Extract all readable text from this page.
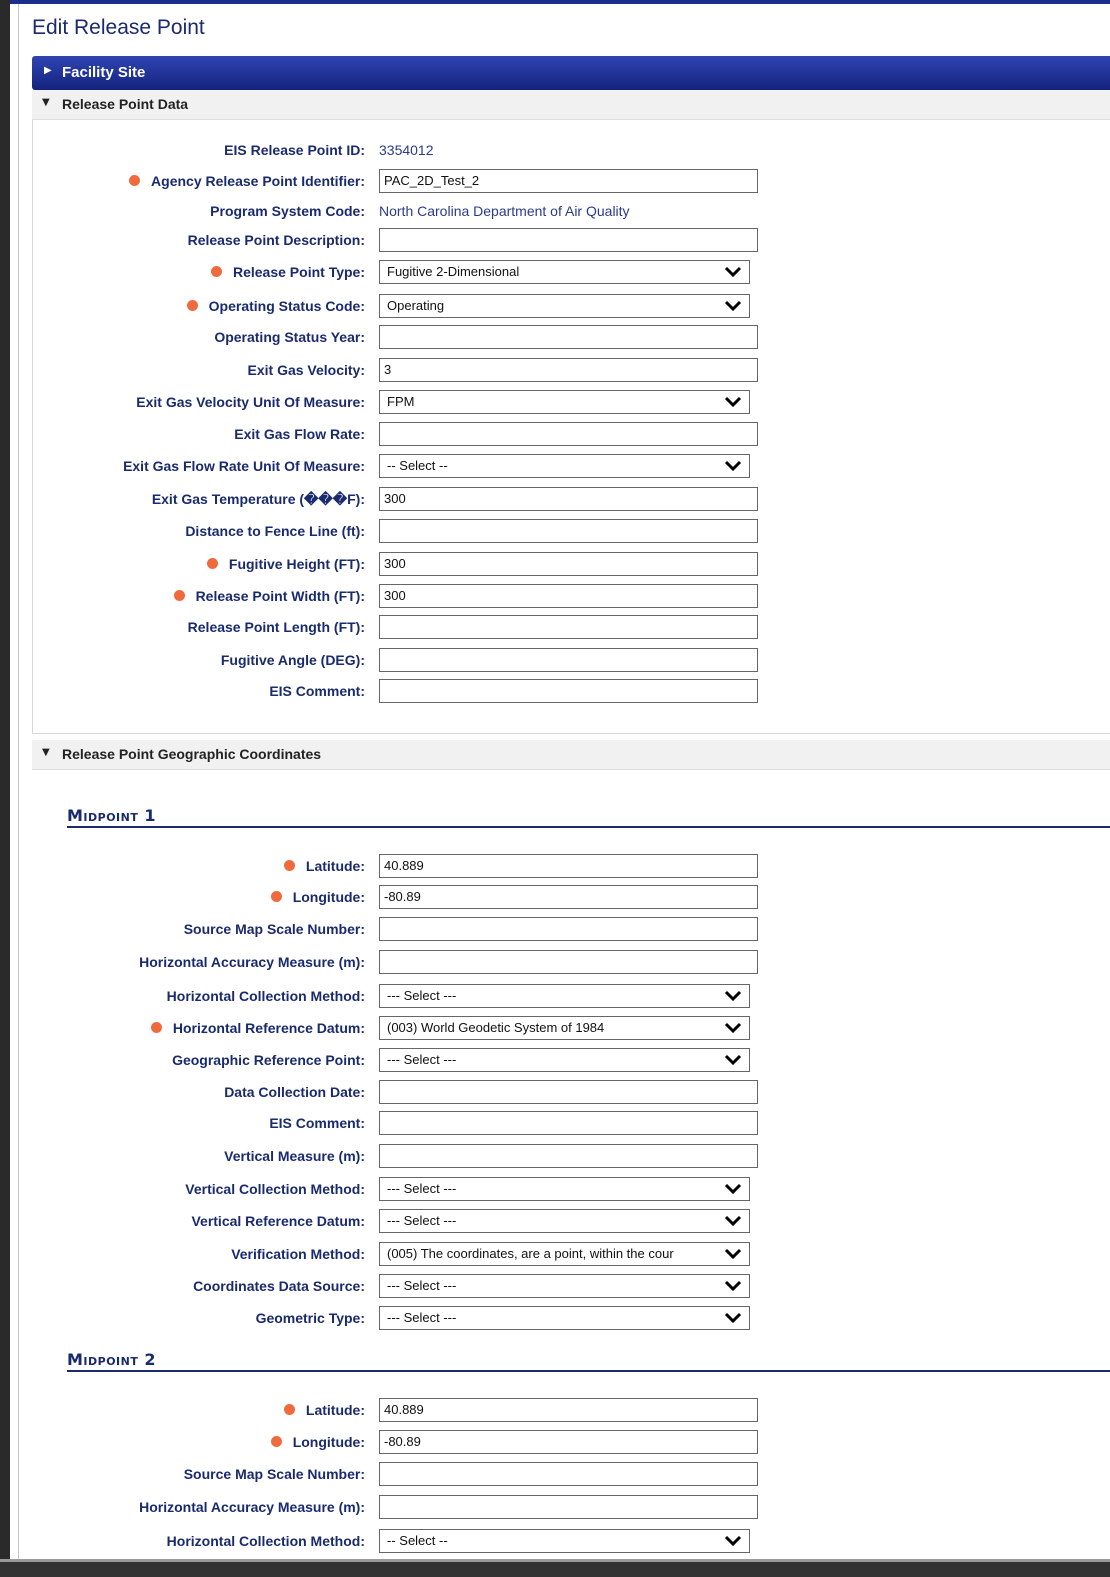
Edit Release Point
▶ Facility Site
▼ Release Point Data
▼ Release Point Geographic Coordinates
Midpoint 1
Midpoint 2
EIS Release Point ID: 3354012
Agency Release Point Identifier:	PAC_2D_Test_2
Program System Code: North Carolina Department of Air Quality
Release Point Description:
Release Point Type:	Fugitive 2-Dimensional
Operating Status Code:	Operating
Operating Status Year:
Exit Gas Velocity:	3
Exit Gas Velocity Unit Of Measure:	FPM
Exit Gas Flow Rate:
Exit Gas Flow Rate Unit Of Measure:	-- Select --
Exit Gas Temperature (���F):	300
Distance to Fence Line (ft):
Fugitive Height (FT):	300
Release Point Width (FT):	300
Release Point Length (FT):
Fugitive Angle (DEG):
EIS Comment:
Latitude:	40.889
Longitude:	-80.89
Source Map Scale Number:
Horizontal Accuracy Measure (m):
Horizontal Collection Method:	--- Select ---
Horizontal Reference Datum:	(003) World Geodetic System of 1984
Geographic Reference Point:	--- Select ---
Data Collection Date:
EIS Comment:
Vertical Measure (m):
Vertical Collection Method:	--- Select ---
Vertical Reference Datum:	--- Select ---
Verification Method:	(005) The coordinates, are a point, within the cour
Coordinates Data Source:	--- Select ---
Geometric Type:	--- Select ---
Latitude:	40.889
Longitude:	-80.89
Source Map Scale Number:
Horizontal Accuracy Measure (m):
Horizontal Collection Method:	-- Select --
